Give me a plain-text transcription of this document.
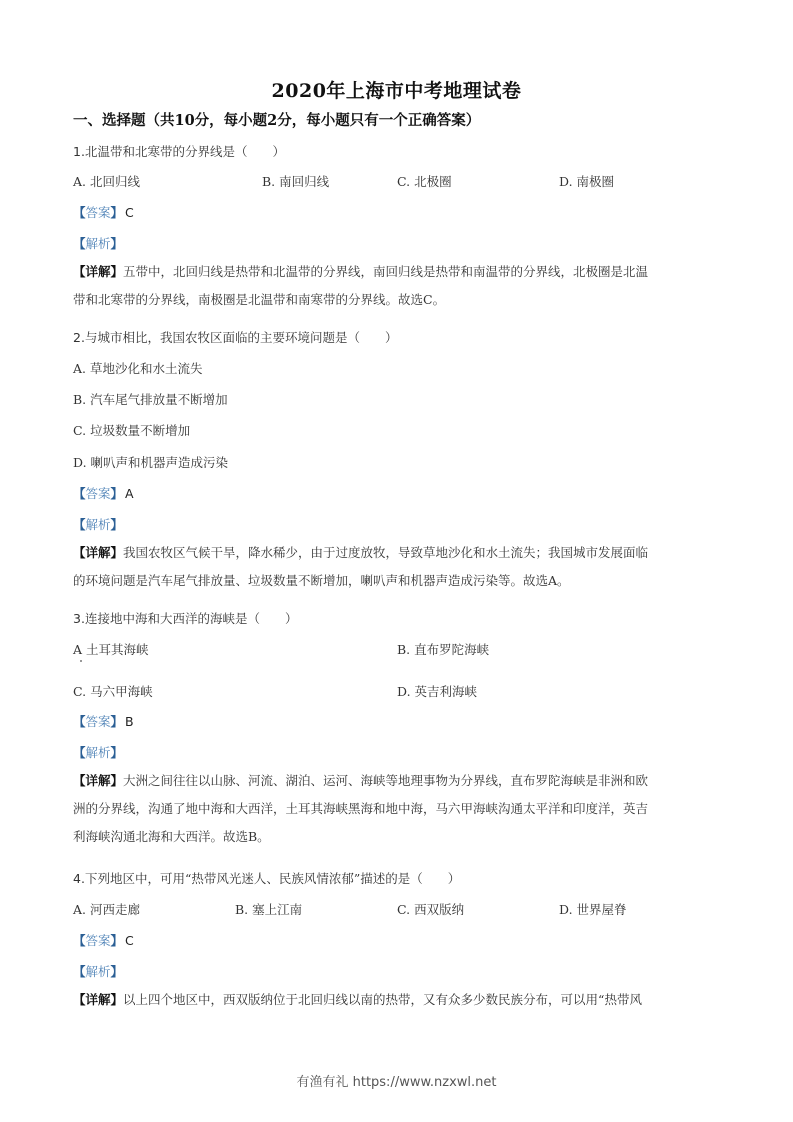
2020年上海市中考地理试卷
一、选择题（共10分，每小题2分，每小题只有一个正确答案）
1.北温带和北寒带的分界线是（　　）
A. 北回归线	B. 南回归线	C. 北极圈	D. 南极圈
【答案】 C
【解析】
【详解】五带中，北回归线是热带和北温带的分界线，南回归线是热带和南温带的分界线，北极圈是北温
带和北寒带的分界线，南极圈是北温带和南寒带的分界线。故选C。
2.与城市相比，我国农牧区面临的主要环境问题是（　　）
A. 草地沙化和水土流失
B. 汽车尾气排放量不断增加
C. 垃圾数量不断增加
D. 喇叭声和机器声造成污染
【答案】 A
【解析】
【详解】我国农牧区气候干旱，降水稀少，由于过度放牧，导致草地沙化和水土流失；我国城市发展面临
的环境问题是汽车尾气排放量、垃圾数量不断增加，喇叭声和机器声造成污染等。故选A。
3.连接地中海和大西洋的海峡是（　　）
A 土耳其海峡	B. 直布罗陀海峡
C. 马六甲海峡	D. 英吉利海峡
【答案】 B
【解析】
【详解】大洲之间往往以山脉、河流、湖泊、运河、海峡等地理事物为分界线，直布罗陀海峡是非洲和欧
洲的分界线，沟通了地中海和大西洋，土耳其海峡黑海和地中海，马六甲海峡沟通太平洋和印度洋，英吉
利海峡沟通北海和大西洋。故选B。
4.下列地区中，可用“热带风光迷人、民族风情浓郁”描述的是（　　）
A. 河西走廊	B. 塞上江南	C. 西双版纳	D. 世界屋脊
【答案】 C
【解析】
【详解】以上四个地区中，西双版纳位于北回归线以南的热带，又有众多少数民族分布，可以用“热带风
有渔有礼 https://www.nzxwl.net
